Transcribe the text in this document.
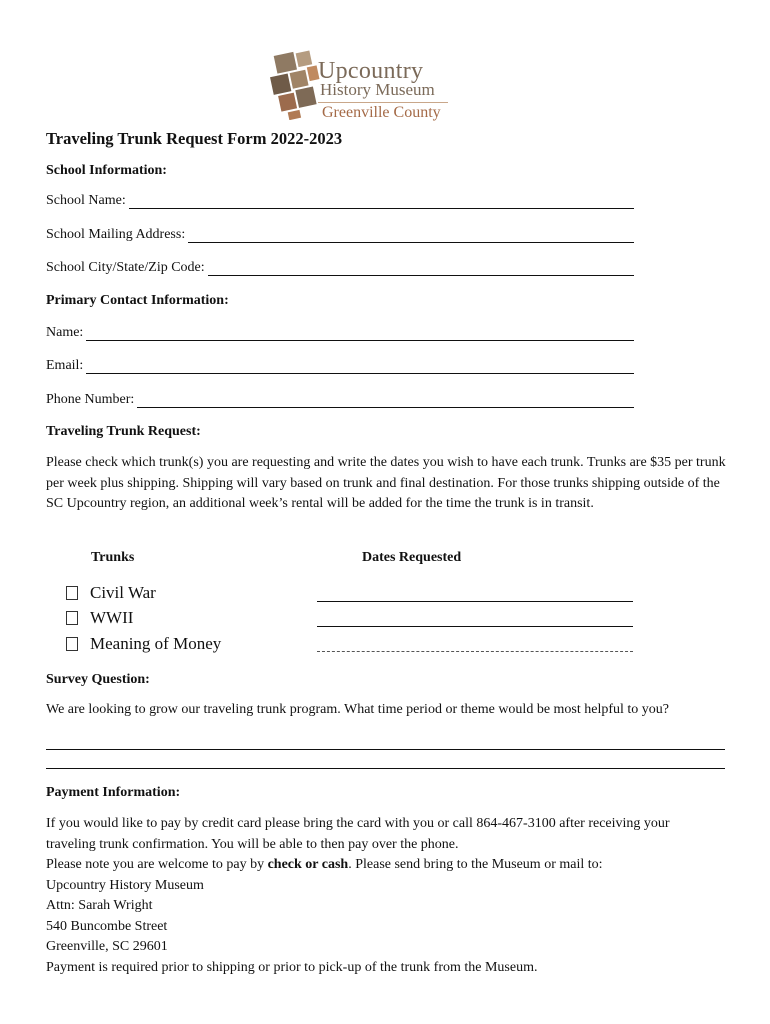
Upcountry
History Museum
Greenville County
Traveling Trunk Request Form 2022-2023
School Information:
School Name:
School Mailing Address:
School City/State/Zip Code:
Primary Contact Information:
Name:
Email:
Phone Number:
Traveling Trunk Request:
Please check which trunk(s) you are requesting and write the dates you wish to have each trunk. Trunks are $35 per trunk per week plus shipping. Shipping will vary based on trunk and final destination. For those trunks shipping outside of the SC Upcountry region, an additional week’s rental will be added for the time the trunk is in transit.
Trunks	Dates Requested
Civil War
WWII
Meaning of Money
Survey Question:
We are looking to grow our traveling trunk program. What time period or theme would be most helpful to you?
Payment Information:
If you would like to pay by credit card please bring the card with you or call 864-467-3100 after receiving your
traveling trunk confirmation. You will be able to then pay over the phone.
Please note you are welcome to pay by check or cash. Please send bring to the Museum or mail to:
Upcountry History Museum
Attn: Sarah Wright
540 Buncombe Street
Greenville, SC 29601
Payment is required prior to shipping or prior to pick-up of the trunk from the Museum.
